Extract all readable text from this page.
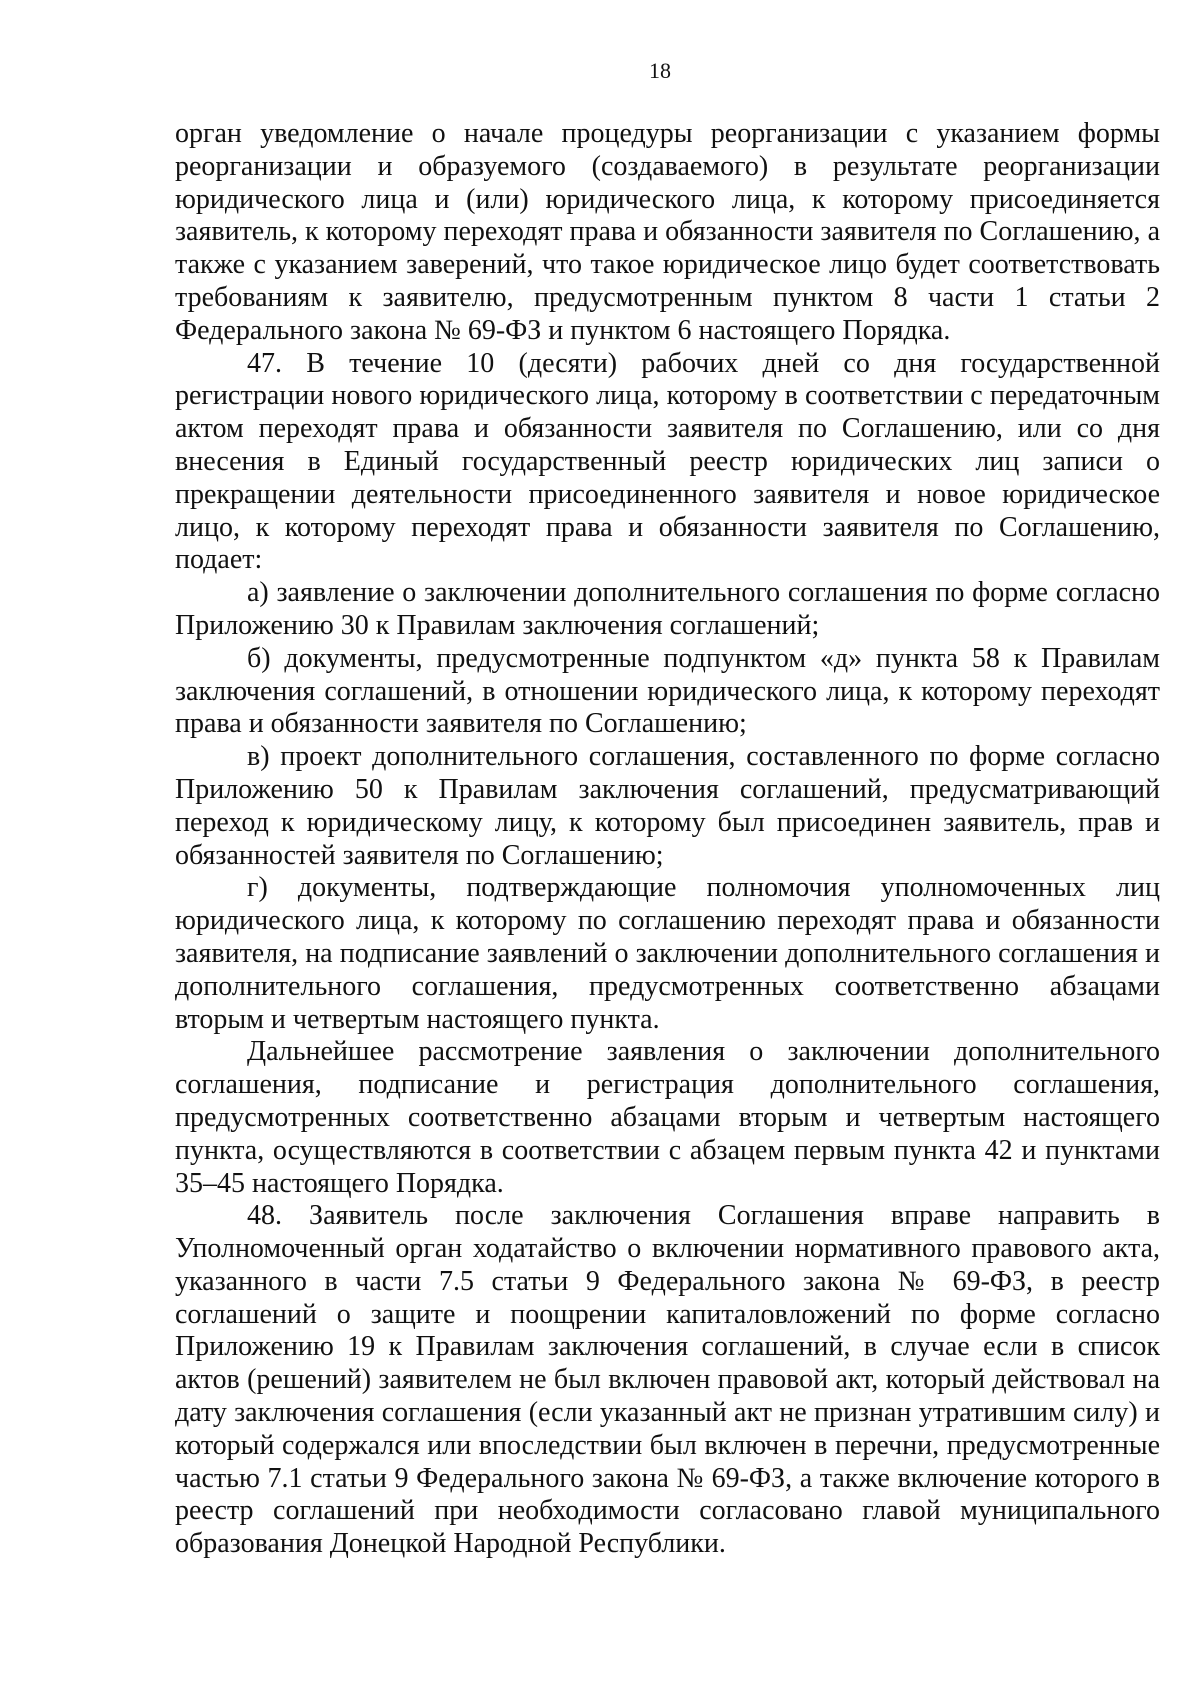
18

орган уведомление о начале процедуры реорганизации с указанием формы реорганизации и образуемого (создаваемого) в результате реорганизации юридического лица и (или) юридического лица, к которому присоединяется заявитель, к которому переходят права и обязанности заявителя по Соглашению, а также с указанием заверений, что такое юридическое лицо будет соответствовать требованиям к заявителю, предусмотренным пунктом 8 части 1 статьи 2 Федерального закона № 69-ФЗ и пунктом 6 настоящего Порядка.

47. В течение 10 (десяти) рабочих дней со дня государственной регистрации нового юридического лица, которому в соответствии с передаточным актом переходят права и обязанности заявителя по Соглашению, или со дня внесения в Единый государственный реестр юридических лиц записи о прекращении деятельности присоединенного заявителя и новое юридическое лицо, к которому переходят права и обязанности заявителя по Соглашению, подает:

а) заявление о заключении дополнительного соглашения по форме согласно Приложению 30 к Правилам заключения соглашений;

б) документы, предусмотренные подпунктом «д» пункта 58 к Правилам заключения соглашений, в отношении юридического лица, к которому переходят права и обязанности заявителя по Соглашению;

в) проект дополнительного соглашения, составленного по форме согласно Приложению 50 к Правилам заключения соглашений, предусматривающий переход к юридическому лицу, к которому был присоединен заявитель, прав и обязанностей заявителя по Соглашению;

г) документы, подтверждающие полномочия уполномоченных лиц юридического лица, к которому по соглашению переходят права и обязанности заявителя, на подписание заявлений о заключении дополнительного соглашения и дополнительного соглашения, предусмотренных соответственно абзацами вторым и четвертым настоящего пункта.

Дальнейшее рассмотрение заявления о заключении дополнительного соглашения, подписание и регистрация дополнительного соглашения, предусмотренных соответственно абзацами вторым и четвертым настоящего пункта, осуществляются в соответствии с абзацем первым пункта 42 и пунктами 35–45 настоящего Порядка.

48. Заявитель после заключения Соглашения вправе направить в Уполномоченный орган ходатайство о включении нормативного правового акта, указанного в части 7.5 статьи 9 Федерального закона № 69-ФЗ, в реестр соглашений о защите и поощрении капиталовложений по форме согласно Приложению 19 к Правилам заключения соглашений, в случае если в список актов (решений) заявителем не был включен правовой акт, который действовал на дату заключения соглашения (если указанный акт не признан утратившим силу) и который содержался или впоследствии был включен в перечни, предусмотренные частью 7.1 статьи 9 Федерального закона № 69-ФЗ, а также включение которого в реестр соглашений при необходимости согласовано главой муниципального образования Донецкой Народной Республики.
